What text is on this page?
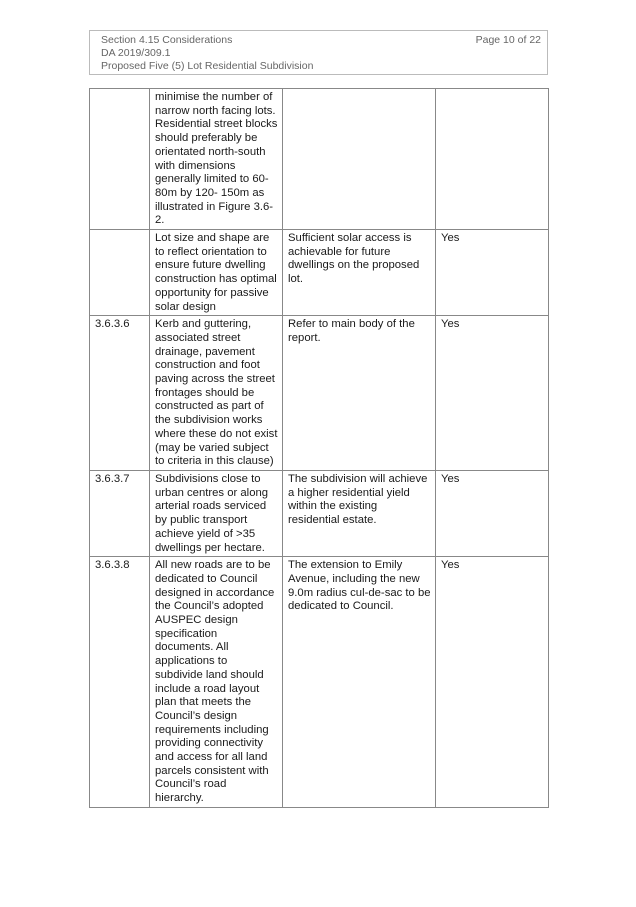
Section 4.15 Considerations
DA 2019/309.1
Proposed Five (5) Lot Residential Subdivision
Page 10 of 22
	minimise the number of narrow north facing lots. Residential street blocks should preferably be orientated north-south with dimensions generally limited to 60-80m by 120- 150m as illustrated in Figure 3.6-2.		
	Lot size and shape are to reflect orientation to ensure future dwelling construction has optimal opportunity for passive solar design	Sufficient solar access is achievable for future dwellings on the proposed lot.	Yes
3.6.3.6	Kerb and guttering, associated street drainage, pavement construction and foot paving across the street frontages should be constructed as part of the subdivision works where these do not exist (may be varied subject to criteria in this clause)	Refer to main body of the report.	Yes
3.6.3.7	Subdivisions close to urban centres or along arterial roads serviced by public transport achieve yield of >35 dwellings per hectare.	The subdivision will achieve a higher residential yield within the existing residential estate.	Yes
3.6.3.8	All new roads are to be dedicated to Council designed in accordance the Council’s adopted AUSPEC design specification documents. All applications to subdivide land should include a road layout plan that meets the Council’s design requirements including providing connectivity and access for all land parcels consistent with Council’s road hierarchy.	The extension to Emily Avenue, including the new 9.0m radius cul-de-sac to be dedicated to Council.	Yes
